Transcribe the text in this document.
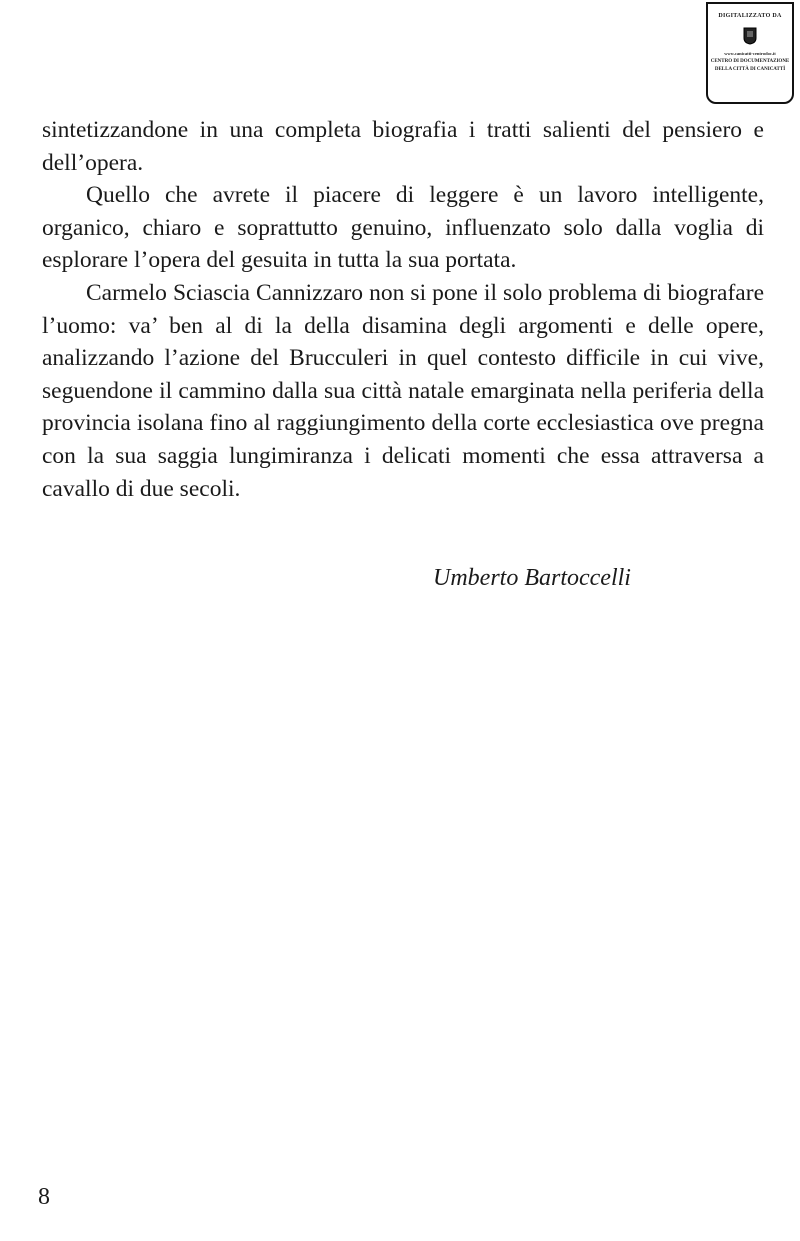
DIGITALIZZATO DA
www.canicatti-centrodoc.it
CENTRO DI DOCUMENTAZIONE
DELLA CITTÀ DI CANICATTÌ

sintetizzandone in una completa biografia i tratti salienti del pensiero e dell’opera.

Quello che avrete il piacere di leggere è un lavoro intelligente, organico, chiaro e soprattutto genuino, influenzato solo dalla voglia di esplorare l’opera del gesuita in tutta la sua portata.

Carmelo Sciascia Cannizzaro non si pone il solo problema di biografare l’uomo: va’ ben al di la della disamina degli argomenti e delle opere, analizzando l’azione del Brucculeri in quel contesto difficile in cui vive, seguendone il cammino dalla sua città natale emarginata nella periferia della provincia isolana fino al raggiungimento della corte ecclesiastica ove pregna con la sua saggia lungimiranza i delicati momenti che essa attraversa a cavallo di due secoli.

Umberto Bartoccelli
8
